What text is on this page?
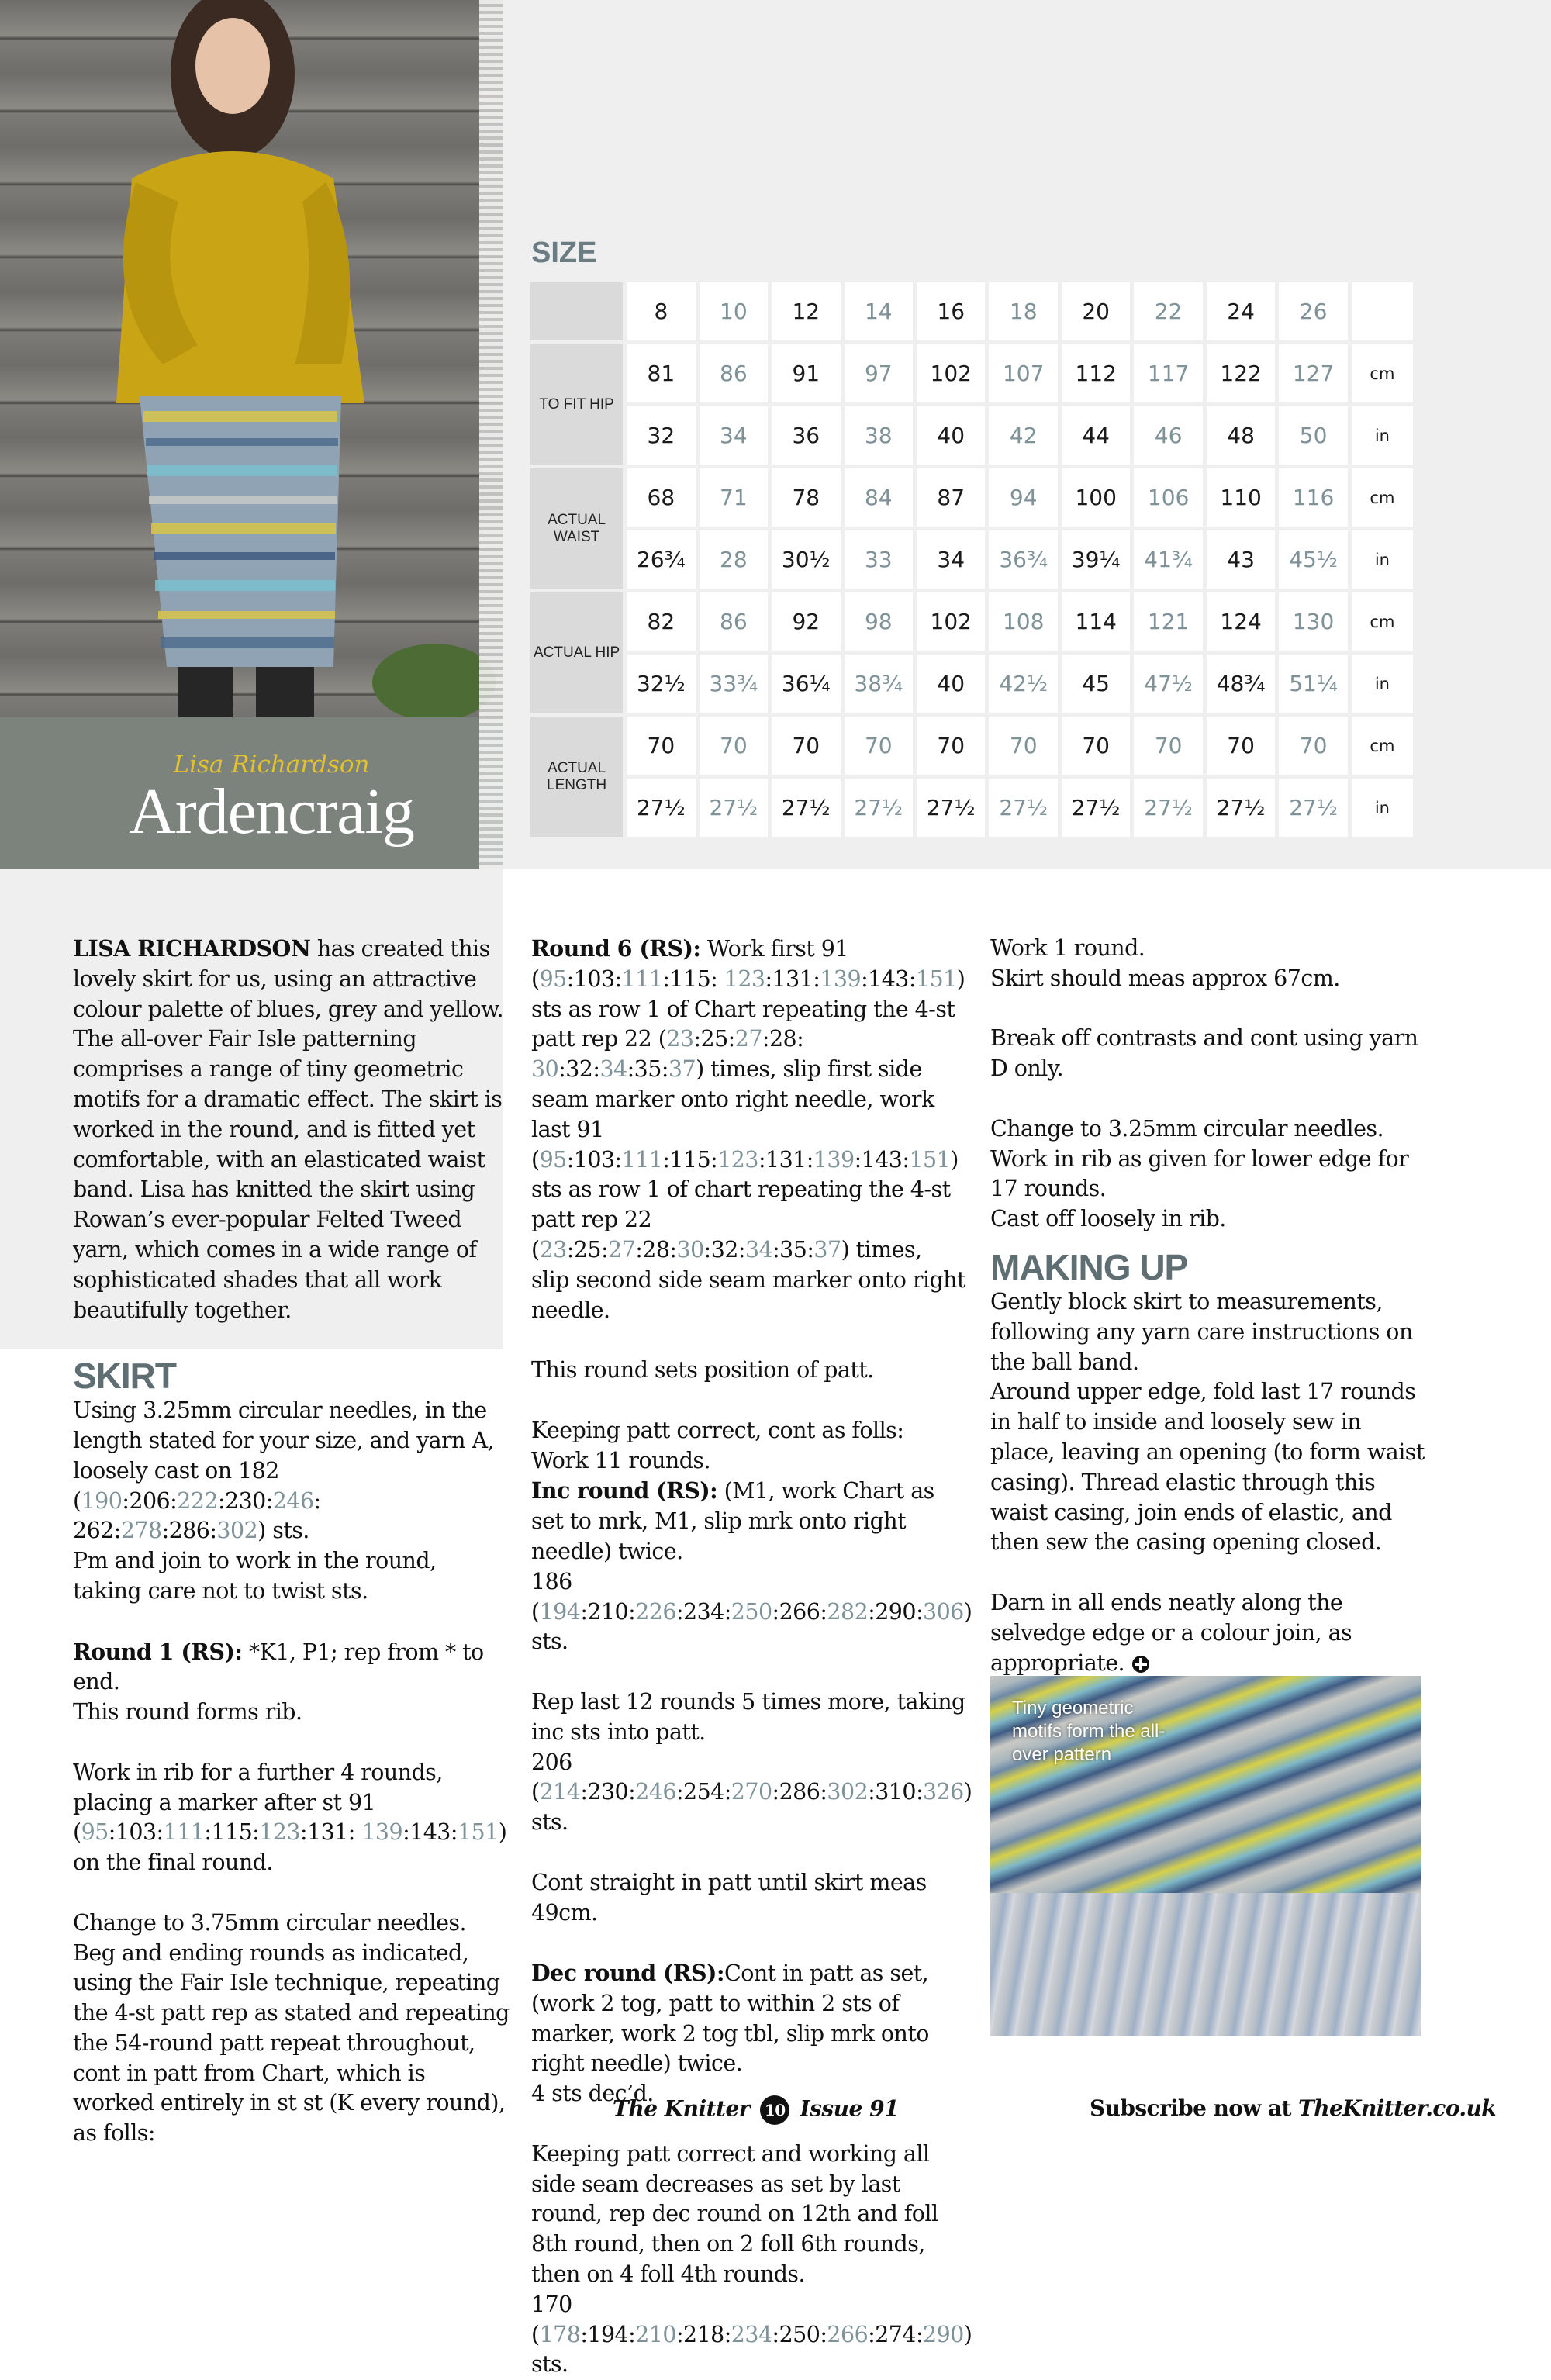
Lisa Richardson
Ardencraig
SIZE
	8	10	12	14	16	18	20	22	24	26	
TO FIT HIP	81	86	91	97	102	107	112	117	122	127	cm
	32	34	36	38	40	42	44	46	48	50	in
ACTUAL WAIST	68	71	78	84	87	94	100	106	110	116	cm
	26¾	28	30½	33	34	36¾	39¼	41¾	43	45½	in
ACTUAL HIP	82	86	92	98	102	108	114	121	124	130	cm
	32½	33¾	36¼	38¾	40	42½	45	47½	48¾	51¼	in
ACTUAL LENGTH	70	70	70	70	70	70	70	70	70	70	cm
	27½	27½	27½	27½	27½	27½	27½	27½	27½	27½	in

LISA RICHARDSON has created this lovely skirt for us, using an attractive colour palette of blues, grey and yellow. The all-over Fair Isle patterning comprises a range of tiny geometric motifs for a dramatic effect. The skirt is worked in the round, and is fitted yet comfortable, with an elasticated waist band. Lisa has knitted the skirt using Rowan’s ever-popular Felted Tweed yarn, which comes in a wide range of sophisticated shades that all work beautifully together.

SKIRT

Using 3.25mm circular needles, in the length stated for your size, and yarn A, loosely cast on 182 (190:206:222:230:246: 262:278:286:302) sts.

Pm and join to work in the round, taking care not to twist sts.

Round 1 (RS): *K1, P1; rep from * to end.

This round forms rib.

Work in rib for a further 4 rounds, placing a marker after st 91 (95:103:111:115:123:131: 139:143:151) on the final round.

Change to 3.75mm circular needles. Beg and ending rounds as indicated, using the Fair Isle technique, repeating the 4-st patt rep as stated and repeating the 54-round patt repeat throughout, cont in patt from Chart, which is worked entirely in st st (K every round), as folls:

Round 6 (RS): Work first 91 (95:103:111:115: 123:131:139:143:151) sts as row 1 of Chart repeating the 4-st patt rep 22 (23:25:27:28: 30:32:34:35:37) times, slip first side seam marker onto right needle, work last 91 (95:103:111:115:123:131:139:143:151) sts as row 1 of chart repeating the 4-st patt rep 22 (23:25:27:28:30:32:34:35:37) times, slip second side seam marker onto right needle.

This round sets position of patt.

Keeping patt correct, cont as folls:

Work 11 rounds.

Inc round (RS): (M1, work Chart as set to mrk, M1, slip mrk onto right needle) twice.

186 (194:210:226:234:250:266:282:290:306) sts.

Rep last 12 rounds 5 times more, taking inc sts into patt.

206 (214:230:246:254:270:286:302:310:326) sts.

Cont straight in patt until skirt meas 49cm.

Dec round (RS):Cont in patt as set, (work 2 tog, patt to within 2 sts of marker, work 2 tog tbl, slip mrk onto right needle) twice.

4 sts dec’d.

Keeping patt correct and working all side seam decreases as set by last round, rep dec round on 12th and foll 8th round, then on 2 foll 6th rounds, then on 4 foll 4th rounds.

170 (178:194:210:218:234:250:266:274:290)

sts.

Work 1 round.

Skirt should meas approx 67cm.

Break off contrasts and cont using yarn D only.

Change to 3.25mm circular needles.

Work in rib as given for lower edge for 17 rounds.

Cast off loosely in rib.

MAKING UP

Gently block skirt to measurements, following any yarn care instructions on the ball band.

Around upper edge, fold last 17 rounds in half to inside and loosely sew in place, leaving an opening (to form waist casing). Thread elastic through this waist casing, join ends of elastic, and then sew the casing opening closed.

Darn in all ends neatly along the selvedge edge or a colour join, as appropriate.

Tiny geometric motifs form the all-over pattern
The Knitter 10 Issue 91	Subscribe now at TheKnitter.co.uk
